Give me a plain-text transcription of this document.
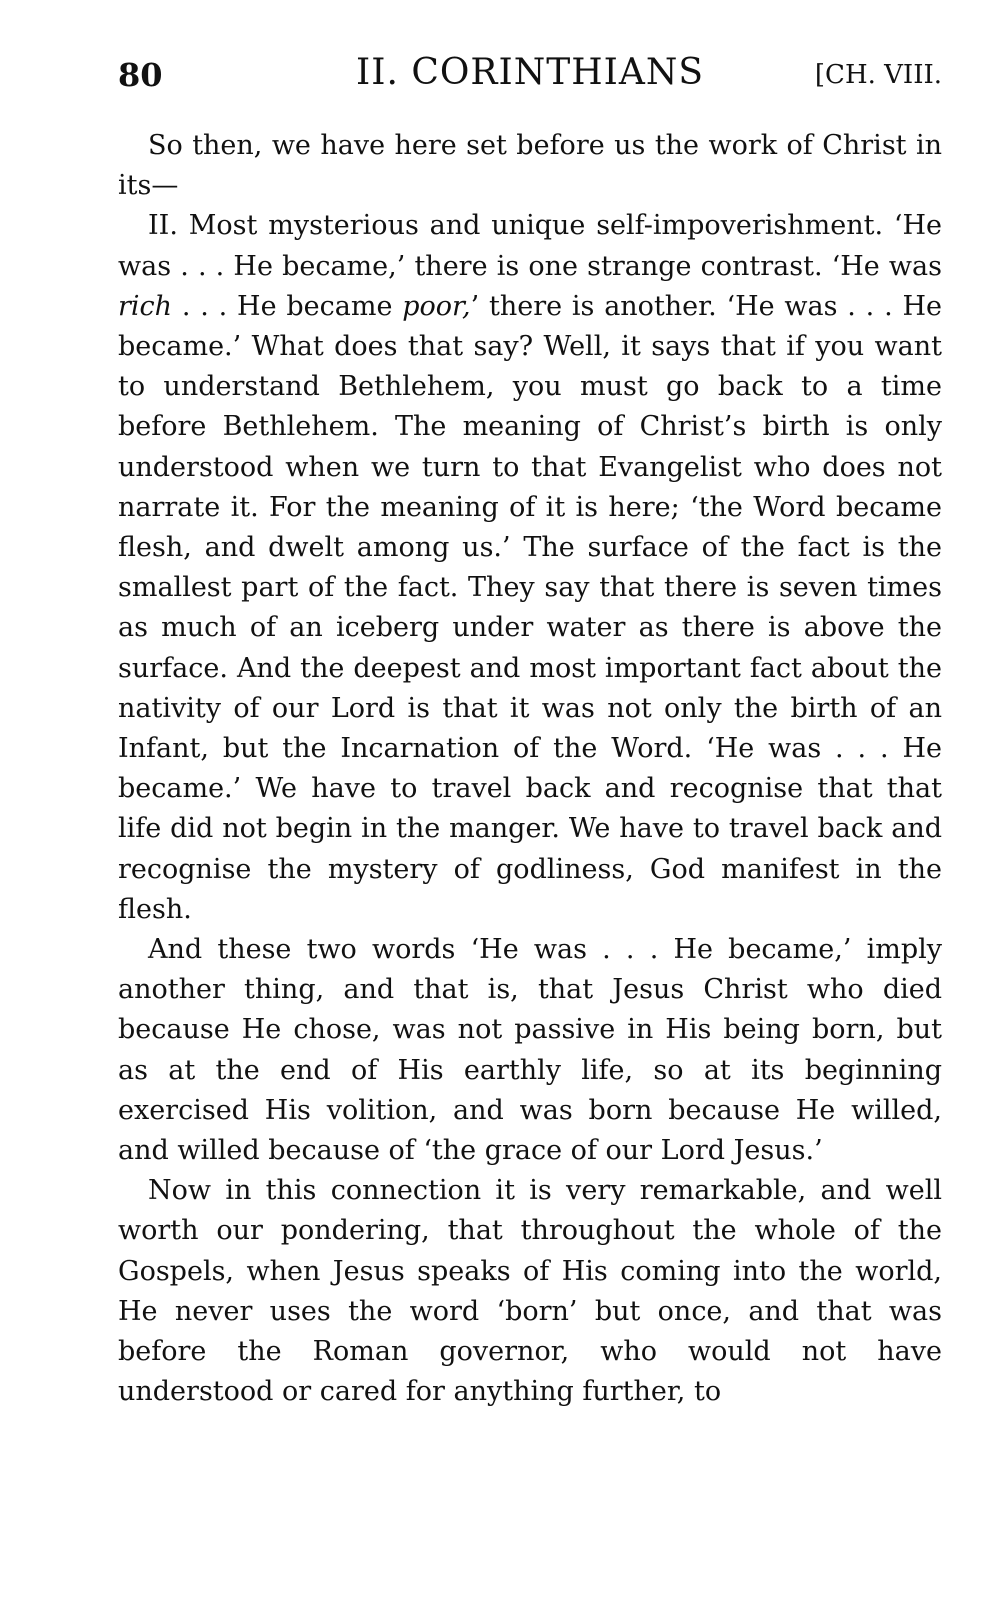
80	II. CORINTHIANS	[CH. VIII.

So then, we have here set before us the work of Christ in its—

II. Most mysterious and unique self-impoverishment. ‘He was . . . He became,’ there is one strange contrast. ‘He was rich . . . He became poor,’ there is another. ‘He was . . . He became.’ What does that say? Well, it says that if you want to understand Bethlehem, you must go back to a time before Bethlehem. The meaning of Christ’s birth is only understood when we turn to that Evangelist who does not narrate it. For the meaning of it is here; ‘the Word became flesh, and dwelt among us.’ The surface of the fact is the smallest part of the fact. They say that there is seven times as much of an iceberg under water as there is above the surface. And the deepest and most important fact about the nativity of our Lord is that it was not only the birth of an Infant, but the Incarnation of the Word. ‘He was . . . He became.’ We have to travel back and recognise that that life did not begin in the manger. We have to travel back and recognise the mystery of godliness, God manifest in the flesh.

And these two words ‘He was . . . He became,’ imply another thing, and that is, that Jesus Christ who died because He chose, was not passive in His being born, but as at the end of His earthly life, so at its beginning exercised His volition, and was born because He willed, and willed because of ‘the grace of our Lord Jesus.’

Now in this connection it is very remarkable, and well worth our pondering, that throughout the whole of the Gospels, when Jesus speaks of His coming into the world, He never uses the word ‘born’ but once, and that was before the Roman governor, who would not have understood or cared for anything further, to
